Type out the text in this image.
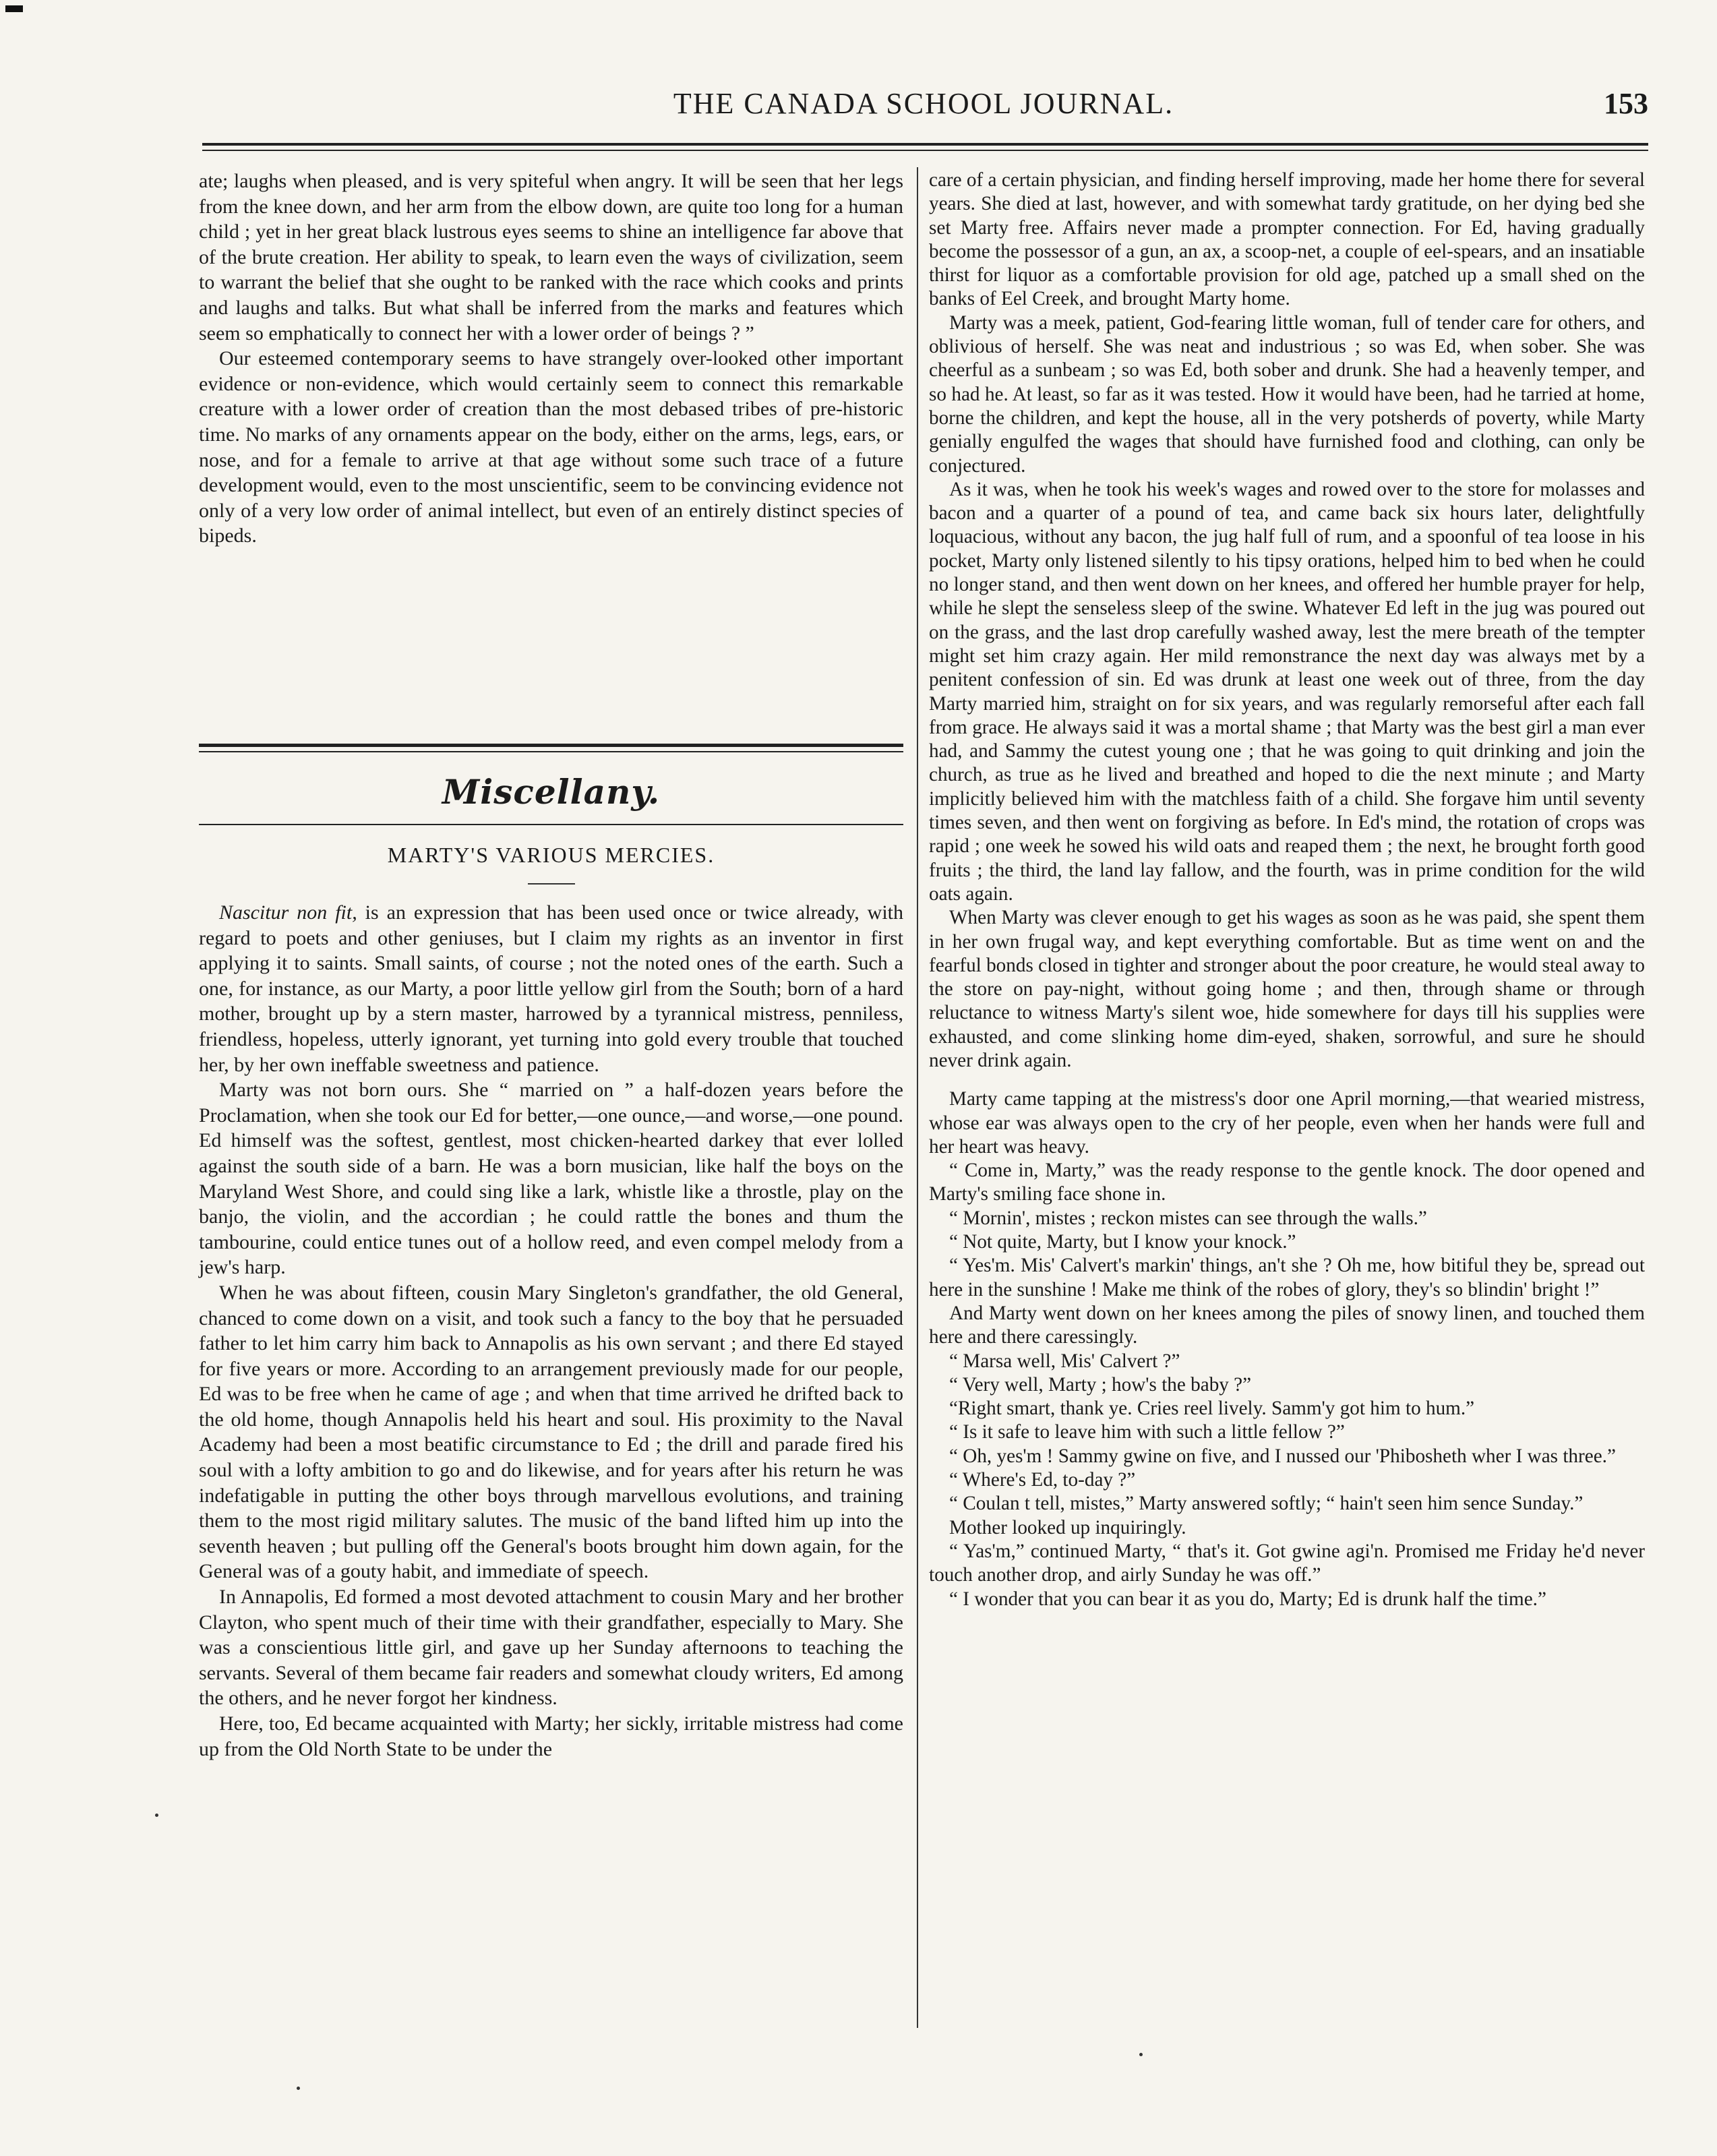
THE CANADA SCHOOL JOURNAL.	153

ate; laughs when pleased, and is very spiteful when angry. It will be seen that her legs from the knee down, and her arm from the elbow down, are quite too long for a human child ; yet in her great black lustrous eyes seems to shine an intelligence far above that of the brute creation. Her ability to speak, to learn even the ways of civilization, seem to warrant the belief that she ought to be ranked with the race which cooks and prints and laughs and talks. But what shall be inferred from the marks and features which seem so emphatically to connect her with a lower order of beings ? ”

Our esteemed contemporary seems to have strangely over-looked other important evidence or non-evidence, which would certainly seem to connect this remarkable creature with a lower order of creation than the most debased tribes of pre-historic time. No marks of any ornaments appear on the body, either on the arms, legs, ears, or nose, and for a female to arrive at that age without some such trace of a future development would, even to the most unscientific, seem to be convincing evidence not only of a very low order of animal intellect, but even of an entirely distinct species of bipeds.

Miscellany.
MARTY'S VARIOUS MERCIES.

Nascitur non fit, is an expression that has been used once or twice already, with regard to poets and other geniuses, but I claim my rights as an inventor in first applying it to saints. Small saints, of course ; not the noted ones of the earth. Such a one, for instance, as our Marty, a poor little yellow girl from the South; born of a hard mother, brought up by a stern master, harrowed by a tyrannical mistress, penniless, friendless, hopeless, utterly ignorant, yet turning into gold every trouble that touched her, by her own ineffable sweetness and patience.

Marty was not born ours. She “ married on ” a half-dozen years before the Proclamation, when she took our Ed for better,—one ounce,—and worse,—one pound. Ed himself was the softest, gentlest, most chicken-hearted darkey that ever lolled against the south side of a barn. He was a born musician, like half the boys on the Maryland West Shore, and could sing like a lark, whistle like a throstle, play on the banjo, the violin, and the accordian ; he could rattle the bones and thum the tambourine, could entice tunes out of a hollow reed, and even compel melody from a jew's harp.

When he was about fifteen, cousin Mary Singleton's grandfather, the old General, chanced to come down on a visit, and took such a fancy to the boy that he persuaded father to let him carry him back to Annapolis as his own servant ; and there Ed stayed for five years or more. According to an arrangement previously made for our people, Ed was to be free when he came of age ; and when that time arrived he drifted back to the old home, though Annapolis held his heart and soul. His proximity to the Naval Academy had been a most beatific circumstance to Ed ; the drill and parade fired his soul with a lofty ambition to go and do likewise, and for years after his return he was indefatigable in putting the other boys through marvellous evolutions, and training them to the most rigid military salutes. The music of the band lifted him up into the seventh heaven ; but pulling off the General's boots brought him down again, for the General was of a gouty habit, and immediate of speech.

In Annapolis, Ed formed a most devoted attachment to cousin Mary and her brother Clayton, who spent much of their time with their grandfather, especially to Mary. She was a conscientious little girl, and gave up her Sunday afternoons to teaching the servants. Several of them became fair readers and somewhat cloudy writers, Ed among the others, and he never forgot her kindness.

Here, too, Ed became acquainted with Marty; her sickly, irritable mistress had come up from the Old North State to be under the

care of a certain physician, and finding herself improving, made her home there for several years. She died at last, however, and with somewhat tardy gratitude, on her dying bed she set Marty free. Affairs never made a prompter connection. For Ed, having gradually become the possessor of a gun, an ax, a scoop-net, a couple of eel-spears, and an insatiable thirst for liquor as a comfortable provision for old age, patched up a small shed on the banks of Eel Creek, and brought Marty home.

Marty was a meek, patient, God-fearing little woman, full of tender care for others, and oblivious of herself. She was neat and industrious ; so was Ed, when sober. She was cheerful as a sunbeam ; so was Ed, both sober and drunk. She had a heavenly temper, and so had he. At least, so far as it was tested. How it would have been, had he tarried at home, borne the children, and kept the house, all in the very potsherds of poverty, while Marty genially engulfed the wages that should have furnished food and clothing, can only be conjectured.

As it was, when he took his week's wages and rowed over to the store for molasses and bacon and a quarter of a pound of tea, and came back six hours later, delightfully loquacious, without any bacon, the jug half full of rum, and a spoonful of tea loose in his pocket, Marty only listened silently to his tipsy orations, helped him to bed when he could no longer stand, and then went down on her knees, and offered her humble prayer for help, while he slept the senseless sleep of the swine. Whatever Ed left in the jug was poured out on the grass, and the last drop carefully washed away, lest the mere breath of the tempter might set him crazy again. Her mild remonstrance the next day was always met by a penitent confession of sin. Ed was drunk at least one week out of three, from the day Marty married him, straight on for six years, and was regularly remorseful after each fall from grace. He always said it was a mortal shame ; that Marty was the best girl a man ever had, and Sammy the cutest young one ; that he was going to quit drinking and join the church, as true as he lived and breathed and hoped to die the next minute ; and Marty implicitly believed him with the matchless faith of a child. She forgave him until seventy times seven, and then went on forgiving as before. In Ed's mind, the rotation of crops was rapid ; one week he sowed his wild oats and reaped them ; the next, he brought forth good fruits ; the third, the land lay fallow, and the fourth, was in prime condition for the wild oats again.

When Marty was clever enough to get his wages as soon as he was paid, she spent them in her own frugal way, and kept everything comfortable. But as time went on and the fearful bonds closed in tighter and stronger about the poor creature, he would steal away to the store on pay-night, without going home ; and then, through shame or through reluctance to witness Marty's silent woe, hide somewhere for days till his supplies were exhausted, and come slinking home dim-eyed, shaken, sorrowful, and sure he should never drink again.

Marty came tapping at the mistress's door one April morning,—that wearied mistress, whose ear was always open to the cry of her people, even when her hands were full and her heart was heavy.

“ Come in, Marty,” was the ready response to the gentle knock. The door opened and Marty's smiling face shone in.

“ Mornin', mistes ; reckon mistes can see through the walls.”

“ Not quite, Marty, but I know your knock.”

“ Yes'm. Mis' Calvert's markin' things, an't she ? Oh me, how bitiful they be, spread out here in the sunshine ! Make me think of the robes of glory, they's so blindin' bright !”

And Marty went down on her knees among the piles of snowy linen, and touched them here and there caressingly.

“ Marsa well, Mis' Calvert ?”

“ Very well, Marty ; how's the baby ?”

“Right smart, thank ye. Cries reel lively. Samm'y got him to hum.”

“ Is it safe to leave him with such a little fellow ?”

“ Oh, yes'm ! Sammy gwine on five, and I nussed our 'Phibosheth wher I was three.”

“ Where's Ed, to-day ?”

“ Coulan t tell, mistes,” Marty answered softly; “ hain't seen him sence Sunday.”

Mother looked up inquiringly.

“ Yas'm,” continued Marty, “ that's it. Got gwine agi'n. Promised me Friday he'd never touch another drop, and airly Sunday he was off.”

“ I wonder that you can bear it as you do, Marty; Ed is drunk half the time.”
